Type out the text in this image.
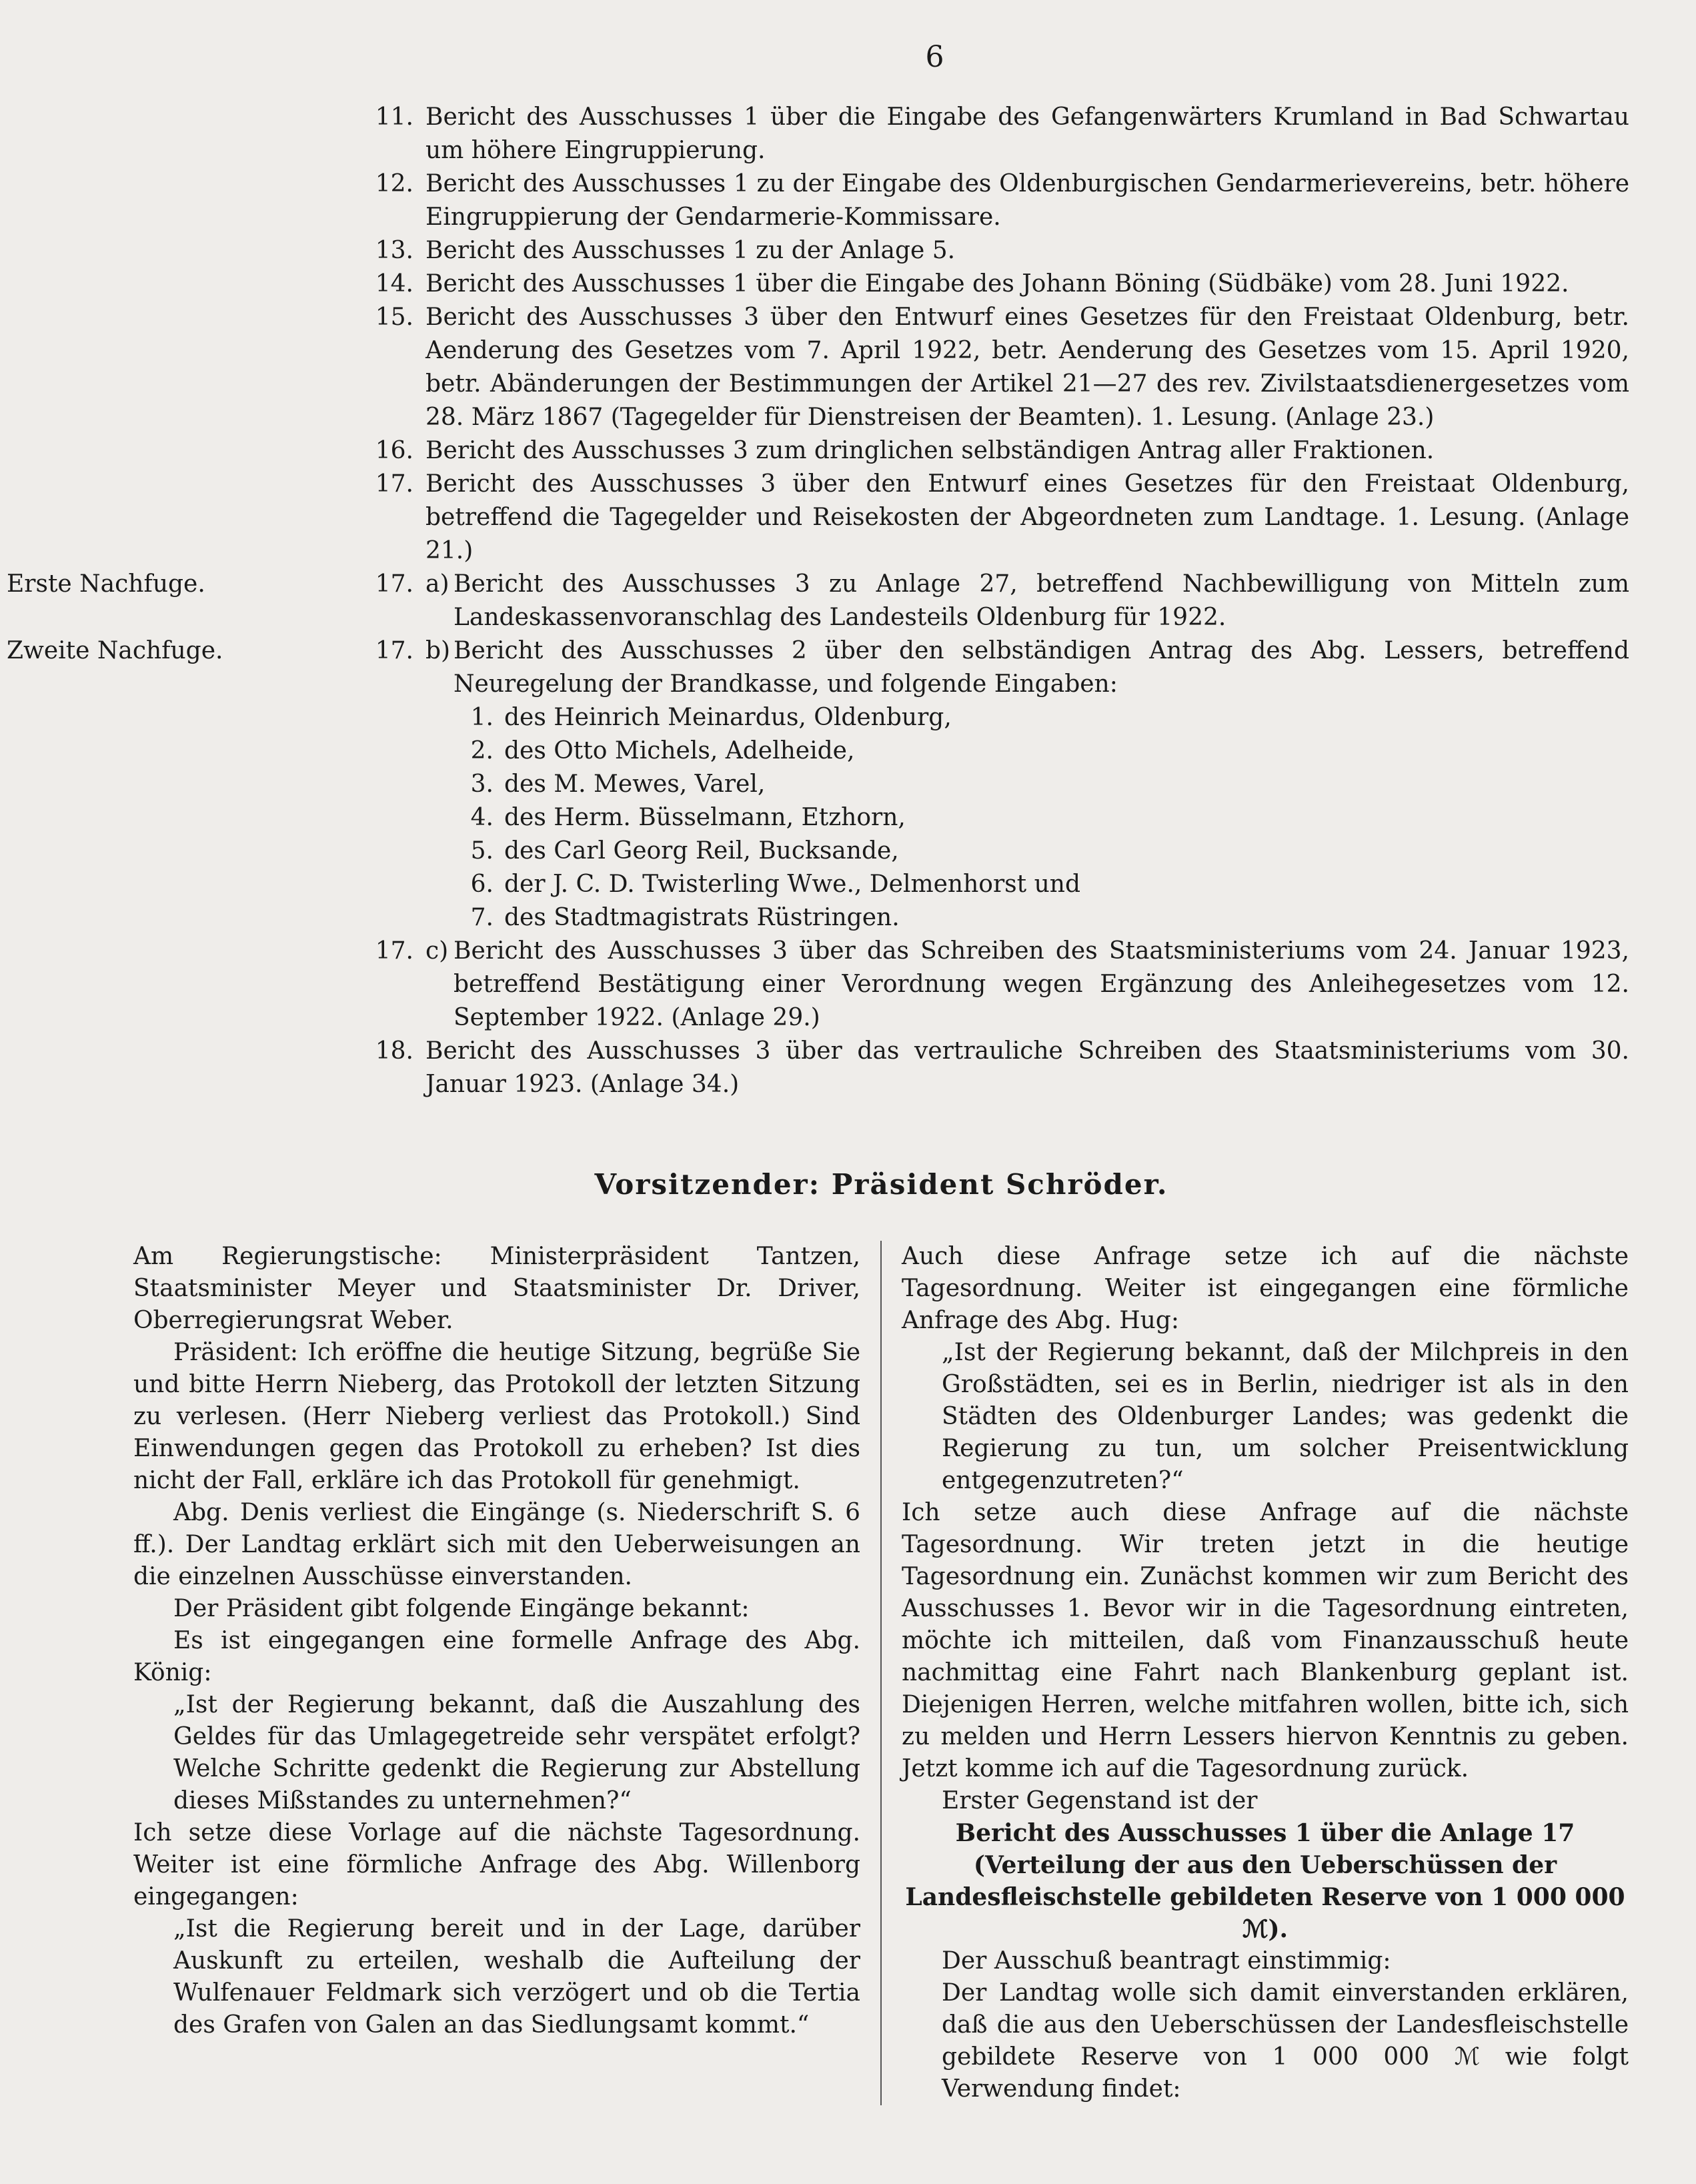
6
11. Bericht des Ausschusses 1 über die Eingabe des Gefangenwärters Krumland in Bad Schwartau um höhere Eingruppierung.
12. Bericht des Ausschusses 1 zu der Eingabe des Oldenburgischen Gendarmerievereins, betr. höhere Eingruppierung der Gendarmerie-Kommissare.
13. Bericht des Ausschusses 1 zu der Anlage 5.
14. Bericht des Ausschusses 1 über die Eingabe des Johann Böning (Südbäke) vom 28. Juni 1922.
15. Bericht des Ausschusses 3 über den Entwurf eines Gesetzes für den Freistaat Oldenburg, betr. Aenderung des Gesetzes vom 7. April 1922, betr. Aenderung des Gesetzes vom 15. April 1920, betr. Abänderungen der Bestimmungen der Artikel 21—27 des rev. Zivilstaatsdienergesetzes vom 28. März 1867 (Tagegelder für Dienstreisen der Beamten). 1. Lesung. (Anlage 23.)
16. Bericht des Ausschusses 3 zum dringlichen selbständigen Antrag aller Fraktionen.
17. Bericht des Ausschusses 3 über den Entwurf eines Gesetzes für den Freistaat Oldenburg, betreffend die Tagegelder und Reisekosten der Abgeordneten zum Landtage. 1. Lesung. (Anlage 21.)
Erste Nachfuge.	17. a) Bericht des Ausschusses 3 zu Anlage 27, betreffend Nachbewilligung von Mitteln zum Landeskassenvoranschlag des Landesteils Oldenburg für 1922.
Zweite Nachfuge.	17. b) Bericht des Ausschusses 2 über den selbständigen Antrag des Abg. Lessers, betreffend Neuregelung der Brandkasse, und folgende Eingaben:
1. des Heinrich Meinardus, Oldenburg,
2. des Otto Michels, Adelheide,
3. des M. Mewes, Varel,
4. des Herm. Büsselmann, Etzhorn,
5. des Carl Georg Reil, Bucksande,
6. der J. C. D. Twisterling Wwe., Delmenhorst und
7. des Stadtmagistrats Rüstringen.
17. c) Bericht des Ausschusses 3 über das Schreiben des Staatsministeriums vom 24. Januar 1923, betreffend Bestätigung einer Verordnung wegen Ergänzung des Anleihegesetzes vom 12. September 1922. (Anlage 29.)
18. Bericht des Ausschusses 3 über das vertrauliche Schreiben des Staatsministeriums vom 30. Januar 1923. (Anlage 34.)
Vorsitzender: Präsident Schröder.

Am Regierungstische: Ministerpräsident Tantzen, Staatsminister Meyer und Staatsminister Dr. Driver, Oberregierungsrat Weber.

Präsident: Ich eröffne die heutige Sitzung, begrüße Sie und bitte Herrn Nieberg, das Protokoll der letzten Sitzung zu verlesen. (Herr Nieberg verliest das Protokoll.) Sind Einwendungen gegen das Protokoll zu erheben? Ist dies nicht der Fall, erkläre ich das Protokoll für genehmigt.

Abg. Denis verliest die Eingänge (s. Niederschrift S. 6 ff.). Der Landtag erklärt sich mit den Ueberweisungen an die einzelnen Ausschüsse einverstanden.

Der Präsident gibt folgende Eingänge bekannt:

Es ist eingegangen eine formelle Anfrage des Abg. König:

„Ist der Regierung bekannt, daß die Auszahlung des Geldes für das Umlagegetreide sehr verspätet erfolgt? Welche Schritte gedenkt die Regierung zur Abstellung dieses Mißstandes zu unternehmen?“

Ich setze diese Vorlage auf die nächste Tagesordnung. Weiter ist eine förmliche Anfrage des Abg. Willenborg eingegangen:

„Ist die Regierung bereit und in der Lage, darüber Auskunft zu erteilen, weshalb die Aufteilung der Wulfenauer Feldmark sich verzögert und ob die Tertia des Grafen von Galen an das Siedlungsamt kommt.“

Auch diese Anfrage setze ich auf die nächste Tagesordnung. Weiter ist eingegangen eine förmliche Anfrage des Abg. Hug:

„Ist der Regierung bekannt, daß der Milchpreis in den Großstädten, sei es in Berlin, niedriger ist als in den Städten des Oldenburger Landes; was gedenkt die Regierung zu tun, um solcher Preisentwicklung entgegenzutreten?“

Ich setze auch diese Anfrage auf die nächste Tagesordnung. Wir treten jetzt in die heutige Tagesordnung ein. Zunächst kommen wir zum Bericht des Ausschusses 1. Bevor wir in die Tagesordnung eintreten, möchte ich mitteilen, daß vom Finanzausschuß heute nachmittag eine Fahrt nach Blankenburg geplant ist. Diejenigen Herren, welche mitfahren wollen, bitte ich, sich zu melden und Herrn Lessers hiervon Kenntnis zu geben. Jetzt komme ich auf die Tagesordnung zurück.

Erster Gegenstand ist der

Bericht des Ausschusses 1 über die Anlage 17 (Verteilung der aus den Ueberschüssen der Landesfleischstelle gebildeten Reserve von 1 000 000 ℳ).

Der Ausschuß beantragt einstimmig:

Der Landtag wolle sich damit einverstanden erklären, daß die aus den Ueberschüssen der Landesfleischstelle gebildete Reserve von 1 000 000 ℳ wie folgt Verwendung findet:
